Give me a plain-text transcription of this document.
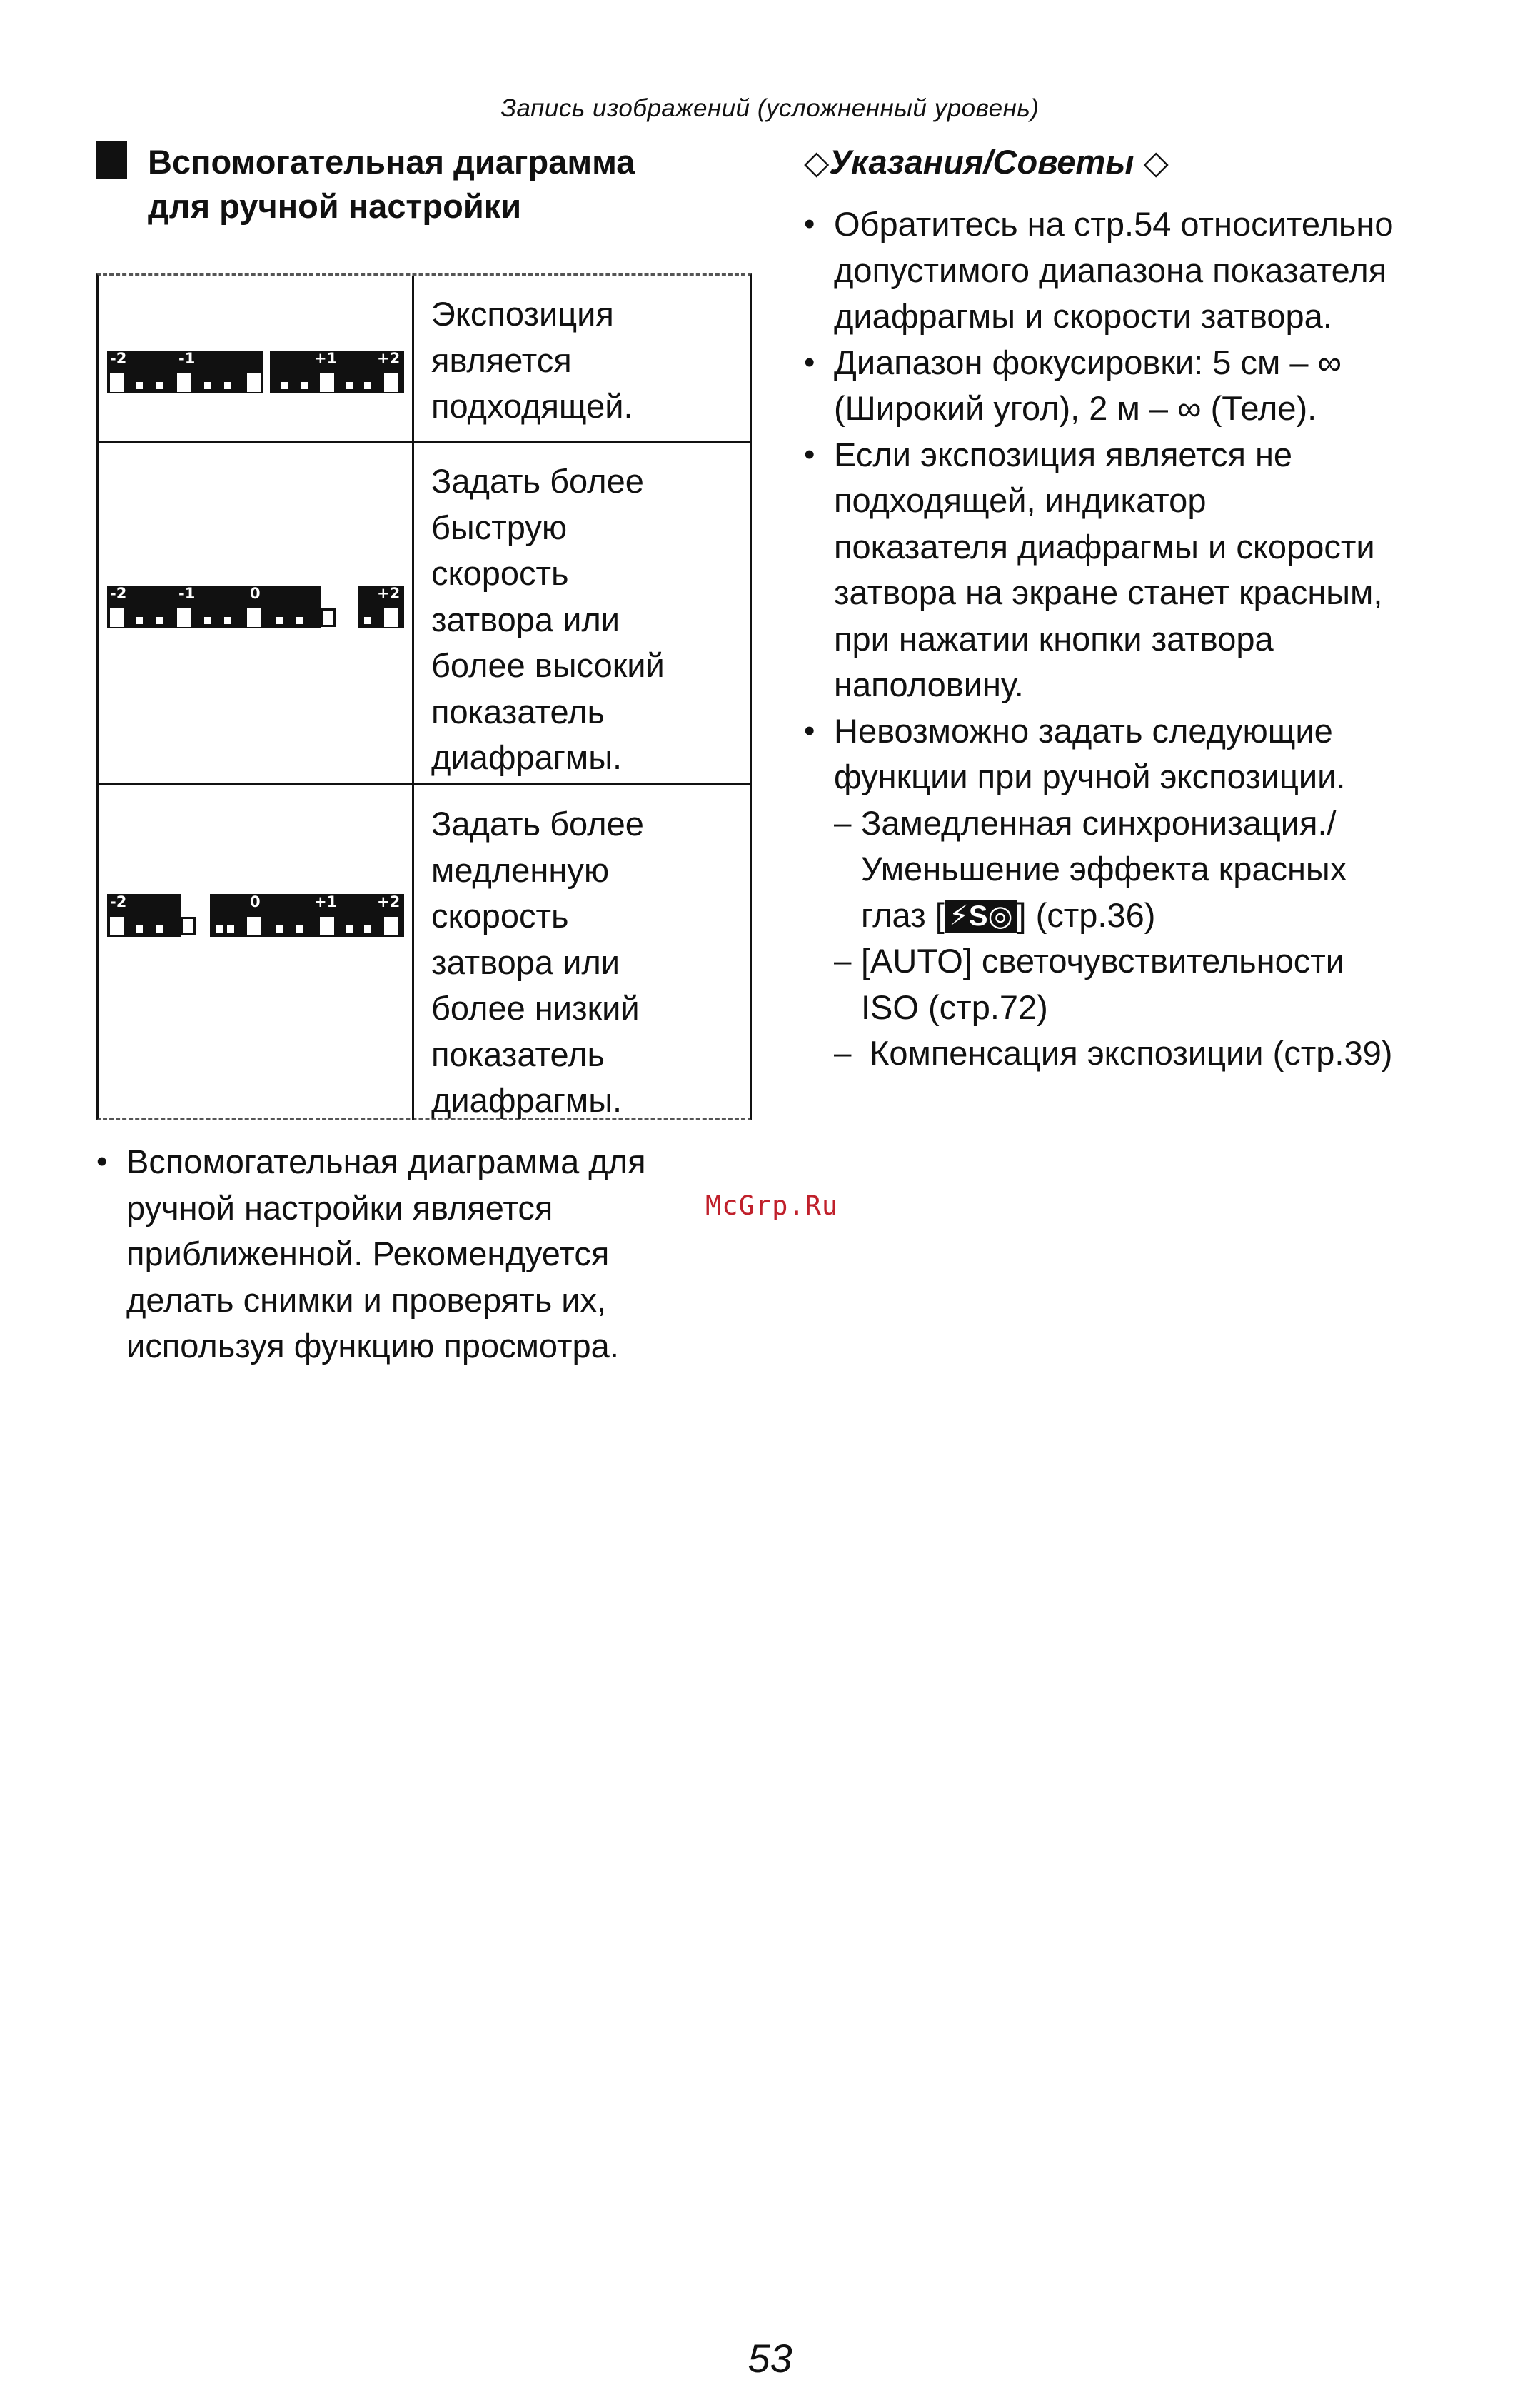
Запись изображений (усложненный уровень)
Вспомогательная диаграмма
для ручной настройки
-2	-1	+1	+2
Экспозиция
является
подходящей.
-2	-1	0	+2
Задать более
быструю
скорость
затвора или
более высокий
показатель
диафрагмы.
-2	0	+1	+2
Задать более
медленную
скорость
затвора или
более низкий
показатель
диафрагмы.
• Вспомогательная диаграмма для
ручной настройки является
приближенной. Рекомендуется
делать снимки и проверять их,
используя функцию просмотра.
McGrp.Ru
◇Указания/Советы ◇
• Обратитесь на стр.54 относительно
допустимого диапазона показателя
диафрагмы и скорости затвора.
• Диапазон фокусировки: 5 см – ∞
(Широкий угол), 2 м – ∞ (Теле).
• Если экспозиция является не
подходящей, индикатор
показателя диафрагмы и скорости
затвора на экране станет красным,
при нажатии кнопки затвора
наполовину.
• Невозможно задать следующие
функции при ручной экспозиции.
– Замедленная синхронизация./
Уменьшение эффекта красных
глаз [ ⚡S◎ ] (стр.36)
– [AUTO] светочувствительности
ISO (стр.72)
– Компенсация экспозиции (стр.39)
53
